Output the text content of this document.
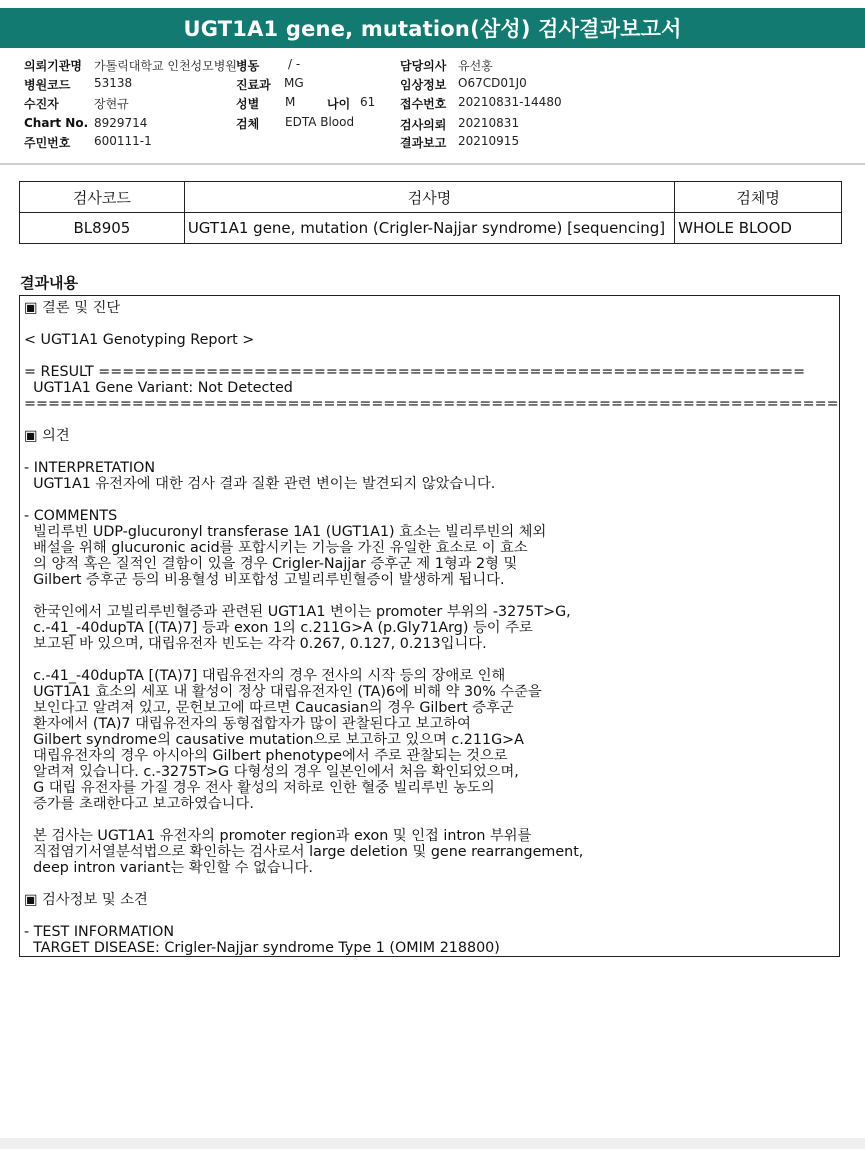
UGT1A1 gene, mutation(삼성) 검사결과보고서
의뢰기관명 가톨릭대학교 인천성모병원 병동 / -	담당의사 유선홍
병원코드 53138	진료과 MG	임상정보 O67CD01J0
수진자	장현규	성별 M	나이 61 접수번호 20210831-14480
Chart No. 8929714	검체 EDTA Blood	검사의뢰 20210831
주민번호 600111-1	결과보고 20210915
검사코드	검사명	검체명
BL8905	UGT1A1 gene, mutation (Crigler-Najjar syndrome) [sequencing]	WHOLE BLOOD
결과내용
▣ 결론 및 진단

< UGT1A1 Genotyping Report >

= RESULT ===========================================================
UGT1A1 Gene Variant: Not Detected
====================================================================

▣ 의견

- INTERPRETATION
UGT1A1 유전자에 대한 검사 결과 질환 관련 변이는 발견되지 않았습니다.

- COMMENTS
빌리루빈 UDP-glucuronyl transferase 1A1 (UGT1A1) 효소는 빌리루빈의 체외
배설을 위해 glucuronic acid를 포합시키는 기능을 가진 유일한 효소로 이 효소
의 양적 혹은 질적인 결함이 있을 경우 Crigler-Najjar 증후군 제 1형과 2형 및
Gilbert 증후군 등의 비용혈성 비포합성 고빌리루빈혈증이 발생하게 됩니다.

한국인에서 고빌리루빈혈증과 관련된 UGT1A1 변이는 promoter 부위의 -3275T>G,
c.-41_-40dupTA [(TA)7] 등과 exon 1의 c.211G>A (p.Gly71Arg) 등이 주로
보고된 바 있으며, 대립유전자 빈도는 각각 0.267, 0.127, 0.213입니다.

c.-41_-40dupTA [(TA)7] 대립유전자의 경우 전사의 시작 등의 장애로 인해
UGT1A1 효소의 세포 내 활성이 정상 대립유전자인 (TA)6에 비해 약 30% 수준을
보인다고 알려져 있고, 문헌보고에 따르면 Caucasian의 경우 Gilbert 증후군
환자에서 (TA)7 대립유전자의 동형접합자가 많이 관찰된다고 보고하여
Gilbert syndrome의 causative mutation으로 보고하고 있으며 c.211G>A
대립유전자의 경우 아시아의 Gilbert phenotype에서 주로 관찰되는 것으로
알려져 있습니다. c.-3275T>G 다형성의 경우 일본인에서 처음 확인되었으며,
G 대립 유전자를 가질 경우 전사 활성의 저하로 인한 혈중 빌리루빈 농도의
증가를 초래한다고 보고하였습니다.

본 검사는 UGT1A1 유전자의 promoter region과 exon 및 인접 intron 부위를
직접염기서열분석법으로 확인하는 검사로서 large deletion 및 gene rearrangement,
deep intron variant는 확인할 수 없습니다.

▣ 검사정보 및 소견

- TEST INFORMATION
TARGET DISEASE: Crigler-Najjar syndrome Type 1 (OMIM 218800)
